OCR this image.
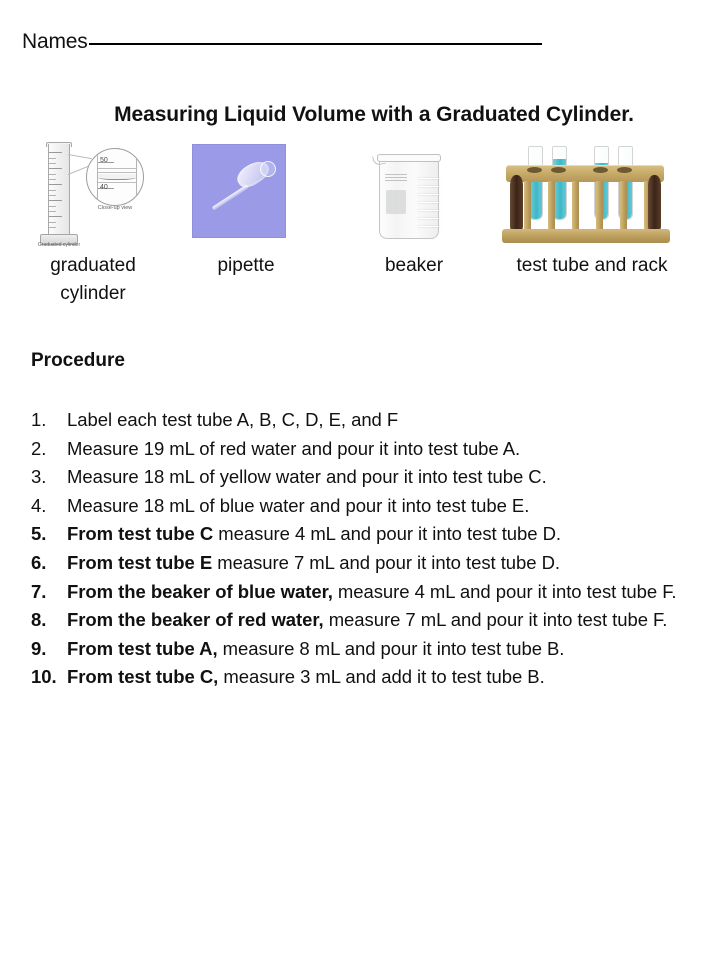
Names
Measuring Liquid Volume with a Graduated Cylinder.
Graduated cylinder
50
40
Close-up view
graduated cylinder
pipette	beaker	test tube and rack
Procedure
1.	Label each test tube A, B, C, D, E, and F
2.	Measure 19 mL of red water and pour it into test tube A.
3.	Measure 18 mL of yellow water and pour it into test tube C.
4.	Measure 18 mL of blue water and pour it into test tube E.
5.	From test tube C measure 4 mL and pour it into test tube D.
6.	From test tube E measure 7 mL and pour it into test tube D.
7.	From the beaker of blue water, measure 4 mL and pour it into test tube F.
8.	From the beaker of red water, measure 7 mL and pour it into test tube F.
9.	From test tube A, measure 8 mL and pour it into test tube B.
10. From test tube C, measure 3 mL and add it to test tube B.
